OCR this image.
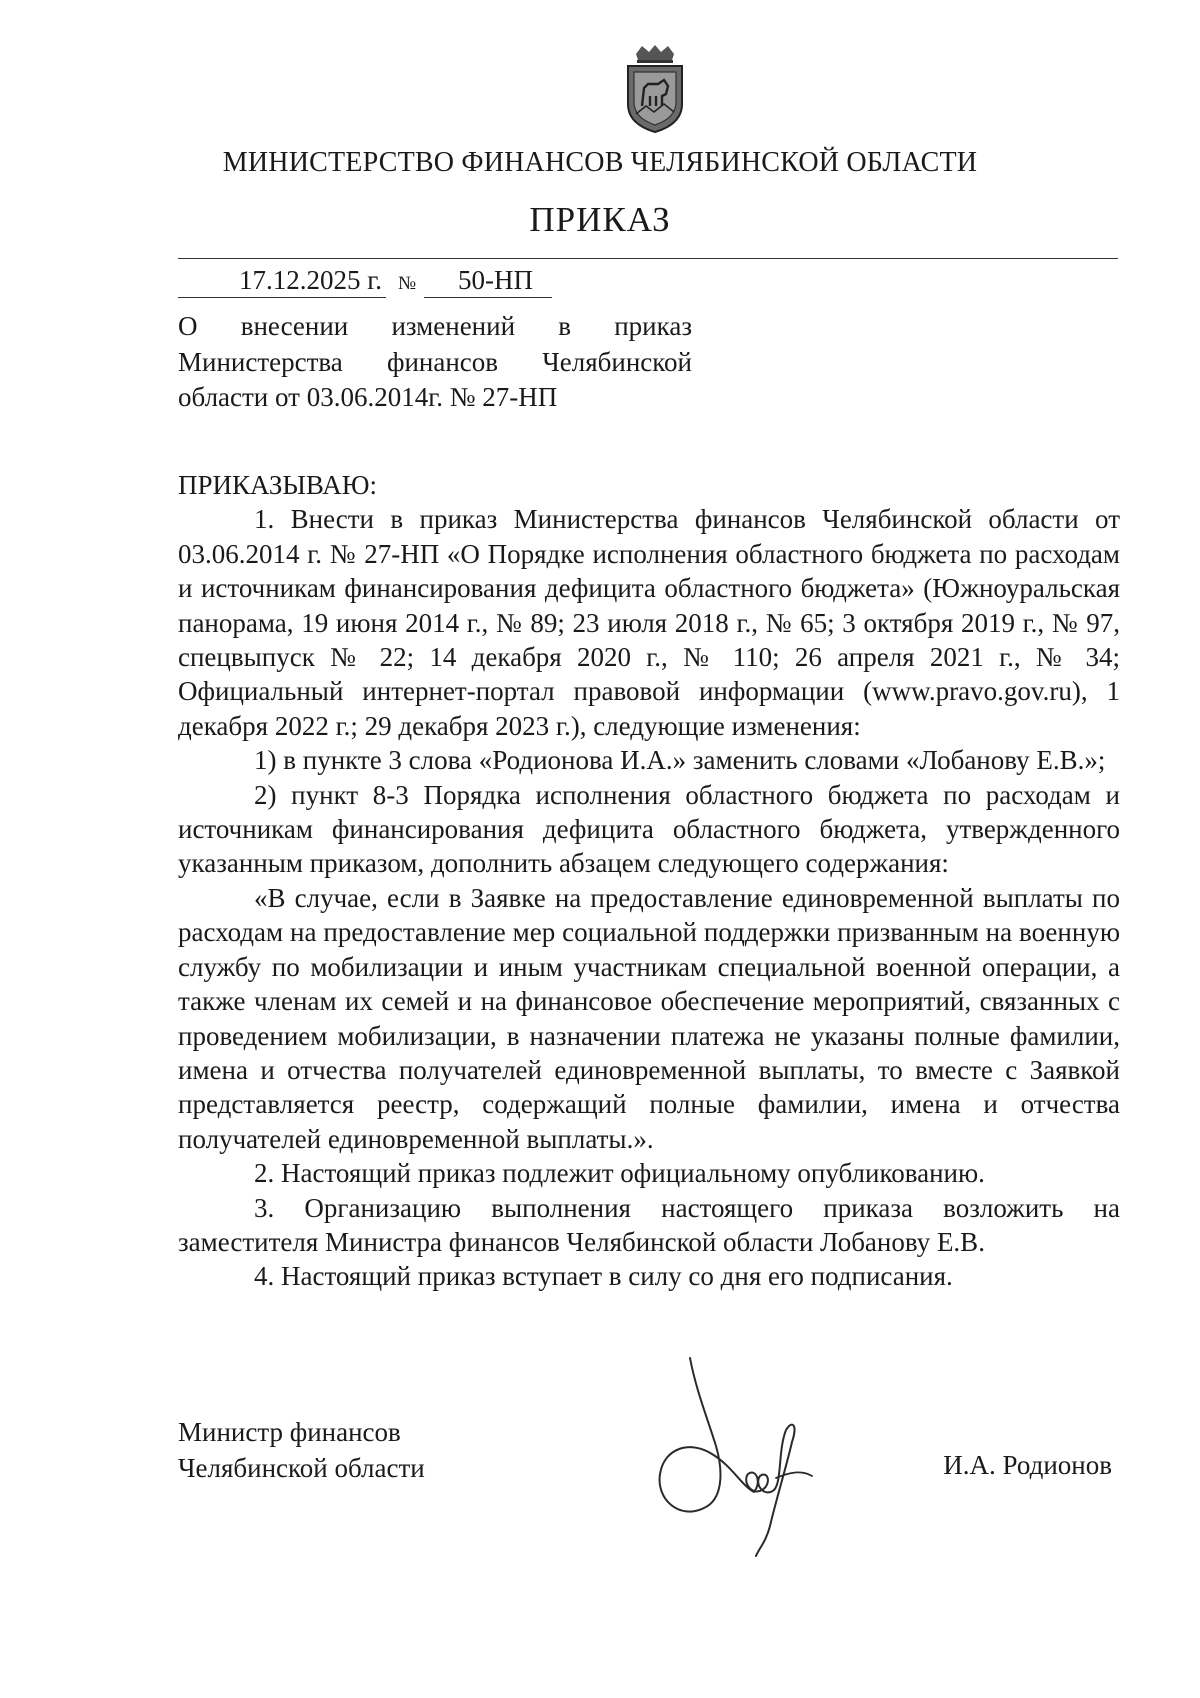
МИНИСТЕРСТВО ФИНАНСОВ ЧЕЛЯБИНСКОЙ ОБЛАСТИ
ПРИКАЗ
17.12.2025 г. №	50-НП

О внесении изменений в приказ Министерства финансов Челябинской области от 03.06.2014г. № 27-НП

ПРИКАЗЫВАЮ:

1. Внести в приказ Министерства финансов Челябинской области от 03.06.2014 г. № 27-НП «О Порядке исполнения областного бюджета по расходам и источникам финансирования дефицита областного бюджета» (Южноуральская панорама, 19 июня 2014 г., № 89; 23 июля 2018 г., № 65; 3 октября 2019 г., № 97, спецвыпуск № 22; 14 декабря 2020 г., № 110; 26 апреля 2021 г., № 34; Официальный интернет-портал правовой информации (www.pravo.gov.ru), 1 декабря 2022 г.; 29 декабря 2023 г.), следующие изменения:

1) в пункте 3 слова «Родионова И.А.» заменить словами «Лобанову Е.В.»;

2) пункт 8-3 Порядка исполнения областного бюджета по расходам и источникам финансирования дефицита областного бюджета, утвержденного указанным приказом, дополнить абзацем следующего содержания:

«В случае, если в Заявке на предоставление единовременной выплаты по расходам на предоставление мер социальной поддержки призванным на военную службу по мобилизации и иным участникам специальной военной операции, а также членам их семей и на финансовое обеспечение мероприятий, связанных с проведением мобилизации, в назначении платежа не указаны полные фамилии, имена и отчества получателей единовременной выплаты, то вместе с Заявкой представляется реестр, содержащий полные фамилии, имена и отчества получателей единовременной выплаты.».

2. Настоящий приказ подлежит официальному опубликованию.

3. Организацию выполнения настоящего приказа возложить на заместителя Министра финансов Челябинской области Лобанову Е.В.

4. Настоящий приказ вступает в силу со дня его подписания.

Министр финансов
Челябинской области	И.А. Родионов
